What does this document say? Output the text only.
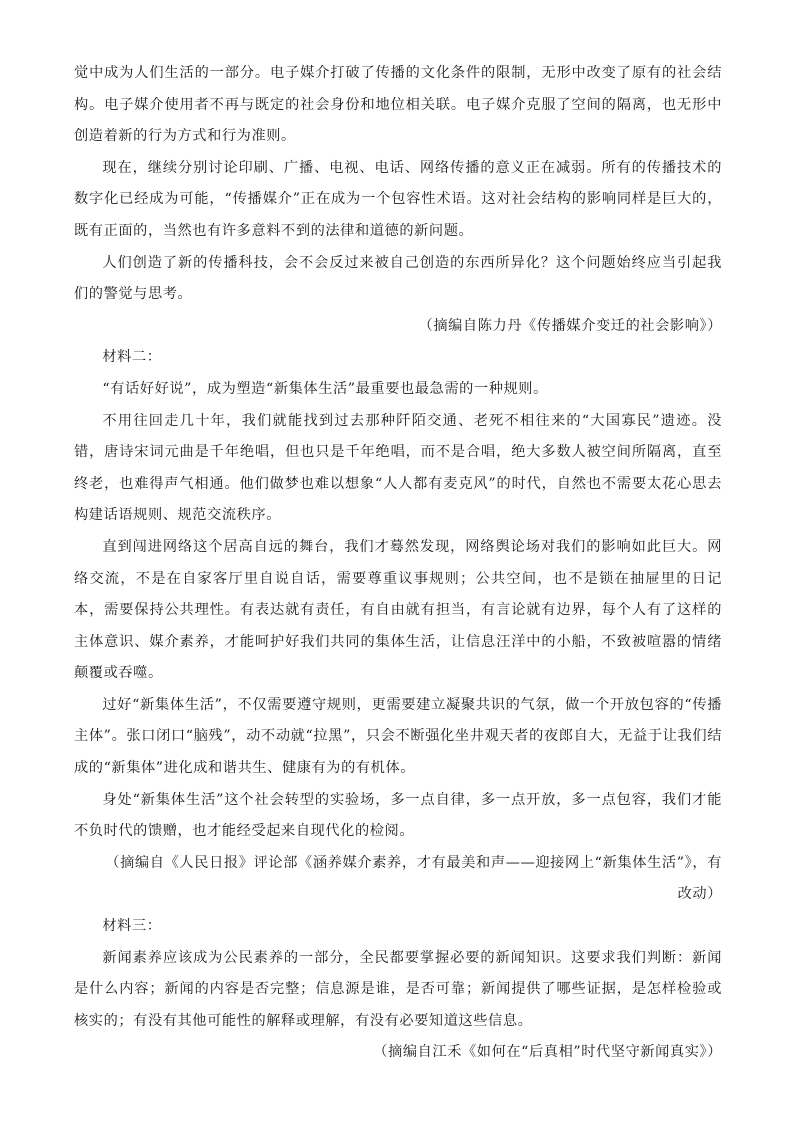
觉中成为人们生活的一部分。电子媒介打破了传播的文化条件的限制，无形中改变了原有的社会结构。电子媒介使用者不再与既定的社会身份和地位相关联。电子媒介克服了空间的隔离，也无形中创造着新的行为方式和行为准则。

现在，继续分别讨论印刷、广播、电视、电话、网络传播的意义正在减弱。所有的传播技术的数字化已经成为可能，“传播媒介”正在成为一个包容性术语。这对社会结构的影响同样是巨大的，既有正面的，当然也有许多意料不到的法律和道德的新问题。

人们创造了新的传播科技，会不会反过来被自己创造的东西所异化？这个问题始终应当引起我们的警觉与思考。

（摘编自陈力丹《传播媒介变迁的社会影响》）

材料二：

“有话好好说”，成为塑造“新集体生活”最重要也最急需的一种规则。

不用往回走几十年，我们就能找到过去那种阡陌交通、老死不相往来的“大国寡民”遗迹。没错，唐诗宋词元曲是千年绝唱，但也只是千年绝唱，而不是合唱，绝大多数人被空间所隔离，直至终老，也难得声气相通。他们做梦也难以想象“人人都有麦克风”的时代，自然也不需要太花心思去构建话语规则、规范交流秩序。

直到闯进网络这个居高自远的舞台，我们才蓦然发现，网络舆论场对我们的影响如此巨大。网络交流，不是在自家客厅里自说自话，需要尊重议事规则；公共空间，也不是锁在抽屉里的日记本，需要保持公共理性。有表达就有责任，有自由就有担当，有言论就有边界，每个人有了这样的主体意识、媒介素养，才能呵护好我们共同的集体生活，让信息汪洋中的小船，不致被喧嚣的情绪颠覆或吞噬。

过好“新集体生活”，不仅需要遵守规则，更需要建立凝聚共识的气氛，做一个开放包容的“传播主体”。张口闭口“脑残”，动不动就“拉黑”，只会不断强化坐井观天者的夜郎自大，无益于让我们结成的“新集体”进化成和谐共生、健康有为的有机体。

身处“新集体生活”这个社会转型的实验场，多一点自律，多一点开放，多一点包容，我们才能不负时代的馈赠，也才能经受起来自现代化的检阅。

（摘编自《人民日报》评论部《涵养媒介素养，才有最美和声——迎接网上“新集体生活”》，有改动）

材料三：

新闻素养应该成为公民素养的一部分，全民都要掌握必要的新闻知识。这要求我们判断：新闻是什么内容；新闻的内容是否完整；信息源是谁，是否可靠；新闻提供了哪些证据，是怎样检验或核实的；有没有其他可能性的解释或理解，有没有必要知道这些信息。

（摘编自江禾《如何在“后真相”时代坚守新闻真实》）
